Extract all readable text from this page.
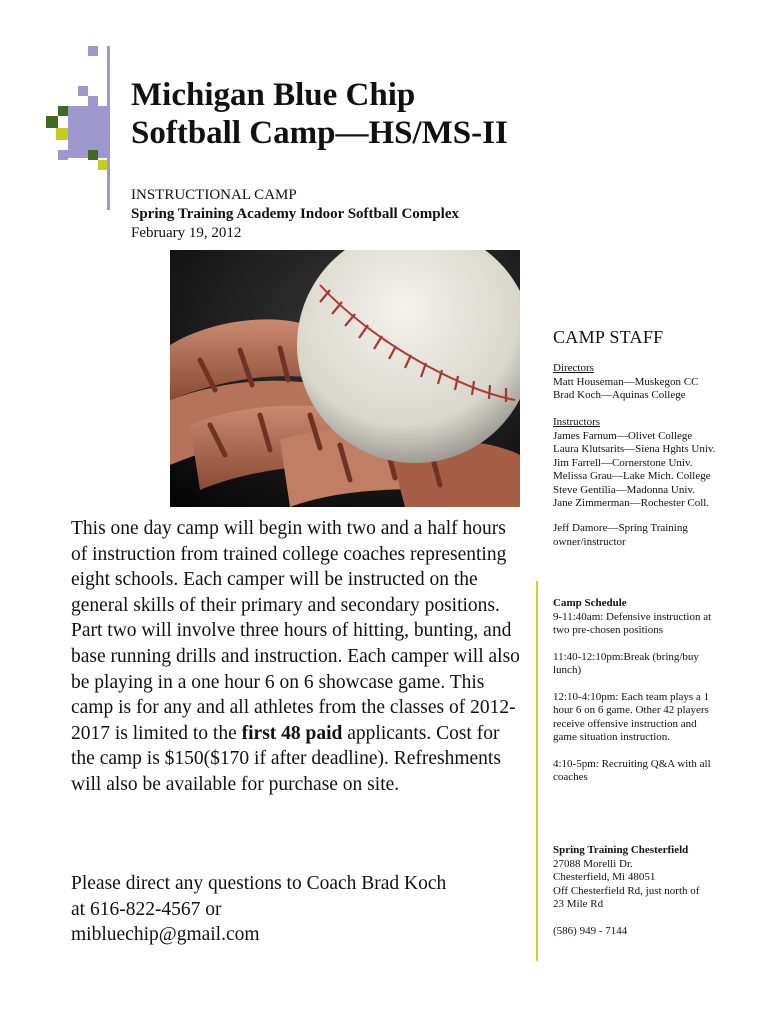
Michigan Blue Chip
Softball Camp—HS/MS-II
INSTRUCTIONAL CAMP
Spring Training Academy Indoor Softball Complex
February 19, 2012

This one day camp will begin with two and a half hours of instruction from trained college coaches representing eight schools. Each camper will be instructed on the general skills of their primary and secondary positions. Part two will involve three hours of hitting, bunting, and base running drills and instruction. Each camper will also be playing in a one hour 6 on 6 showcase game. This camp is for any and all athletes from the classes of 2012-2017 is limited to the first 48 paid applicants. Cost for the camp is $150($170 if after deadline). Refreshments will also be available for purchase on site.

Please direct any questions to Coach Brad Koch
at 616-822-4567 or
mibluechip@gmail.com

CAMP STAFF
Directors
Matt Houseman—Muskegon CC
Brad Koch—Aquinas College
Instructors
James Farnum—Olivet College
Laura Klutsarits—Siena Hghts Univ.
Jim Farrell—Cornerstone Univ.
Melissa Grau—Lake Mich. College
Steve Gentilia—Madonna Univ.
Jane Zimmerman—Rochester Coll.
Jeff Damore—Spring Training
owner/instructor
Camp Schedule
9-11:40am: Defensive instruction at
two pre-chosen positions
11:40-12:10pm:Break (bring/buy
lunch)
12:10-4:10pm: Each team plays a 1
hour 6 on 6 game. Other 42 players
receive offensive instruction and
game situation instruction.
4:10-5pm: Recruiting Q&A with all
coaches
Spring Training Chesterfield
27088 Morelli Dr.
Chesterfield, Mi 48051
Off Chesterfield Rd, just north of
23 Mile Rd
(586) 949 - 7144
